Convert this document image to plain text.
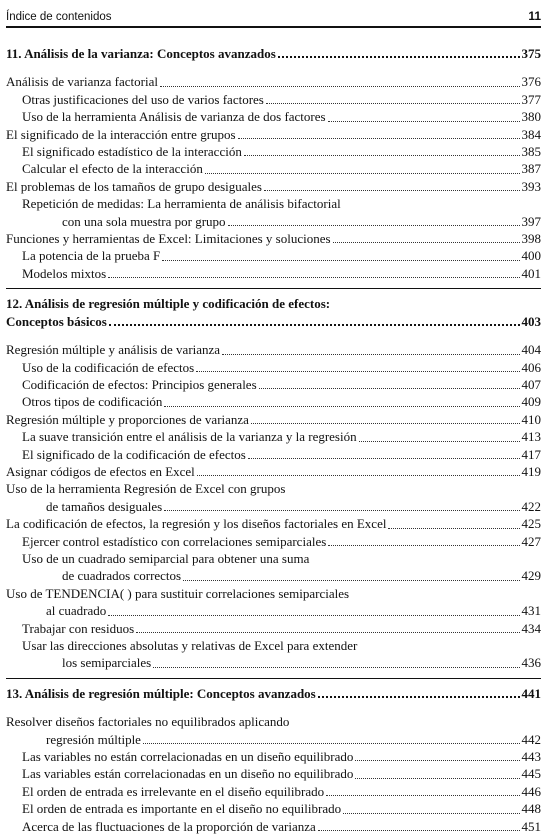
Índice de contenidos	11
11. Análisis de la varianza: Conceptos avanzados	375
Análisis de varianza factorial	376
Otras justificaciones del uso de varios factores	377
Uso de la herramienta Análisis de varianza de dos factores	380
El significado de la interacción entre grupos	384
El significado estadístico de la interacción	385
Calcular el efecto de la interacción	387
El problemas de los tamaños de grupo desiguales	393
Repetición de medidas: La herramienta de análisis bifactorial
con una sola muestra por grupo	397
Funciones y herramientas de Excel: Limitaciones y soluciones	398
La potencia de la prueba F	400
Modelos mixtos	401
12. Análisis de regresión múltiple y codificación de efectos:
Conceptos básicos	403
Regresión múltiple y análisis de varianza	404
Uso de la codificación de efectos	406
Codificación de efectos: Principios generales	407
Otros tipos de codificación	409
Regresión múltiple y proporciones de varianza	410
La suave transición entre el análisis de la varianza y la regresión	413
El significado de la codificación de efectos	417
Asignar códigos de efectos en Excel	419
Uso de la herramienta Regresión de Excel con grupos
de tamaños desiguales	422
La codificación de efectos, la regresión y los diseños factoriales en Excel	425
Ejercer control estadístico con correlaciones semiparciales	427
Uso de un cuadrado semiparcial para obtener una suma
de cuadrados correctos	429
Uso de TENDENCIA( ) para sustituir correlaciones semiparciales
al cuadrado	431
Trabajar con residuos	434
Usar las direcciones absolutas y relativas de Excel para extender
los semiparciales	436
13. Análisis de regresión múltiple: Conceptos avanzados	441
Resolver diseños factoriales no equilibrados aplicando
regresión múltiple	442
Las variables no están correlacionadas en un diseño equilibrado	443
Las variables están correlacionadas en un diseño no equilibrado	445
El orden de entrada es irrelevante en el diseño equilibrado	446
El orden de entrada es importante en el diseño no equilibrado	448
Acerca de las fluctuaciones de la proporción de varianza	451
